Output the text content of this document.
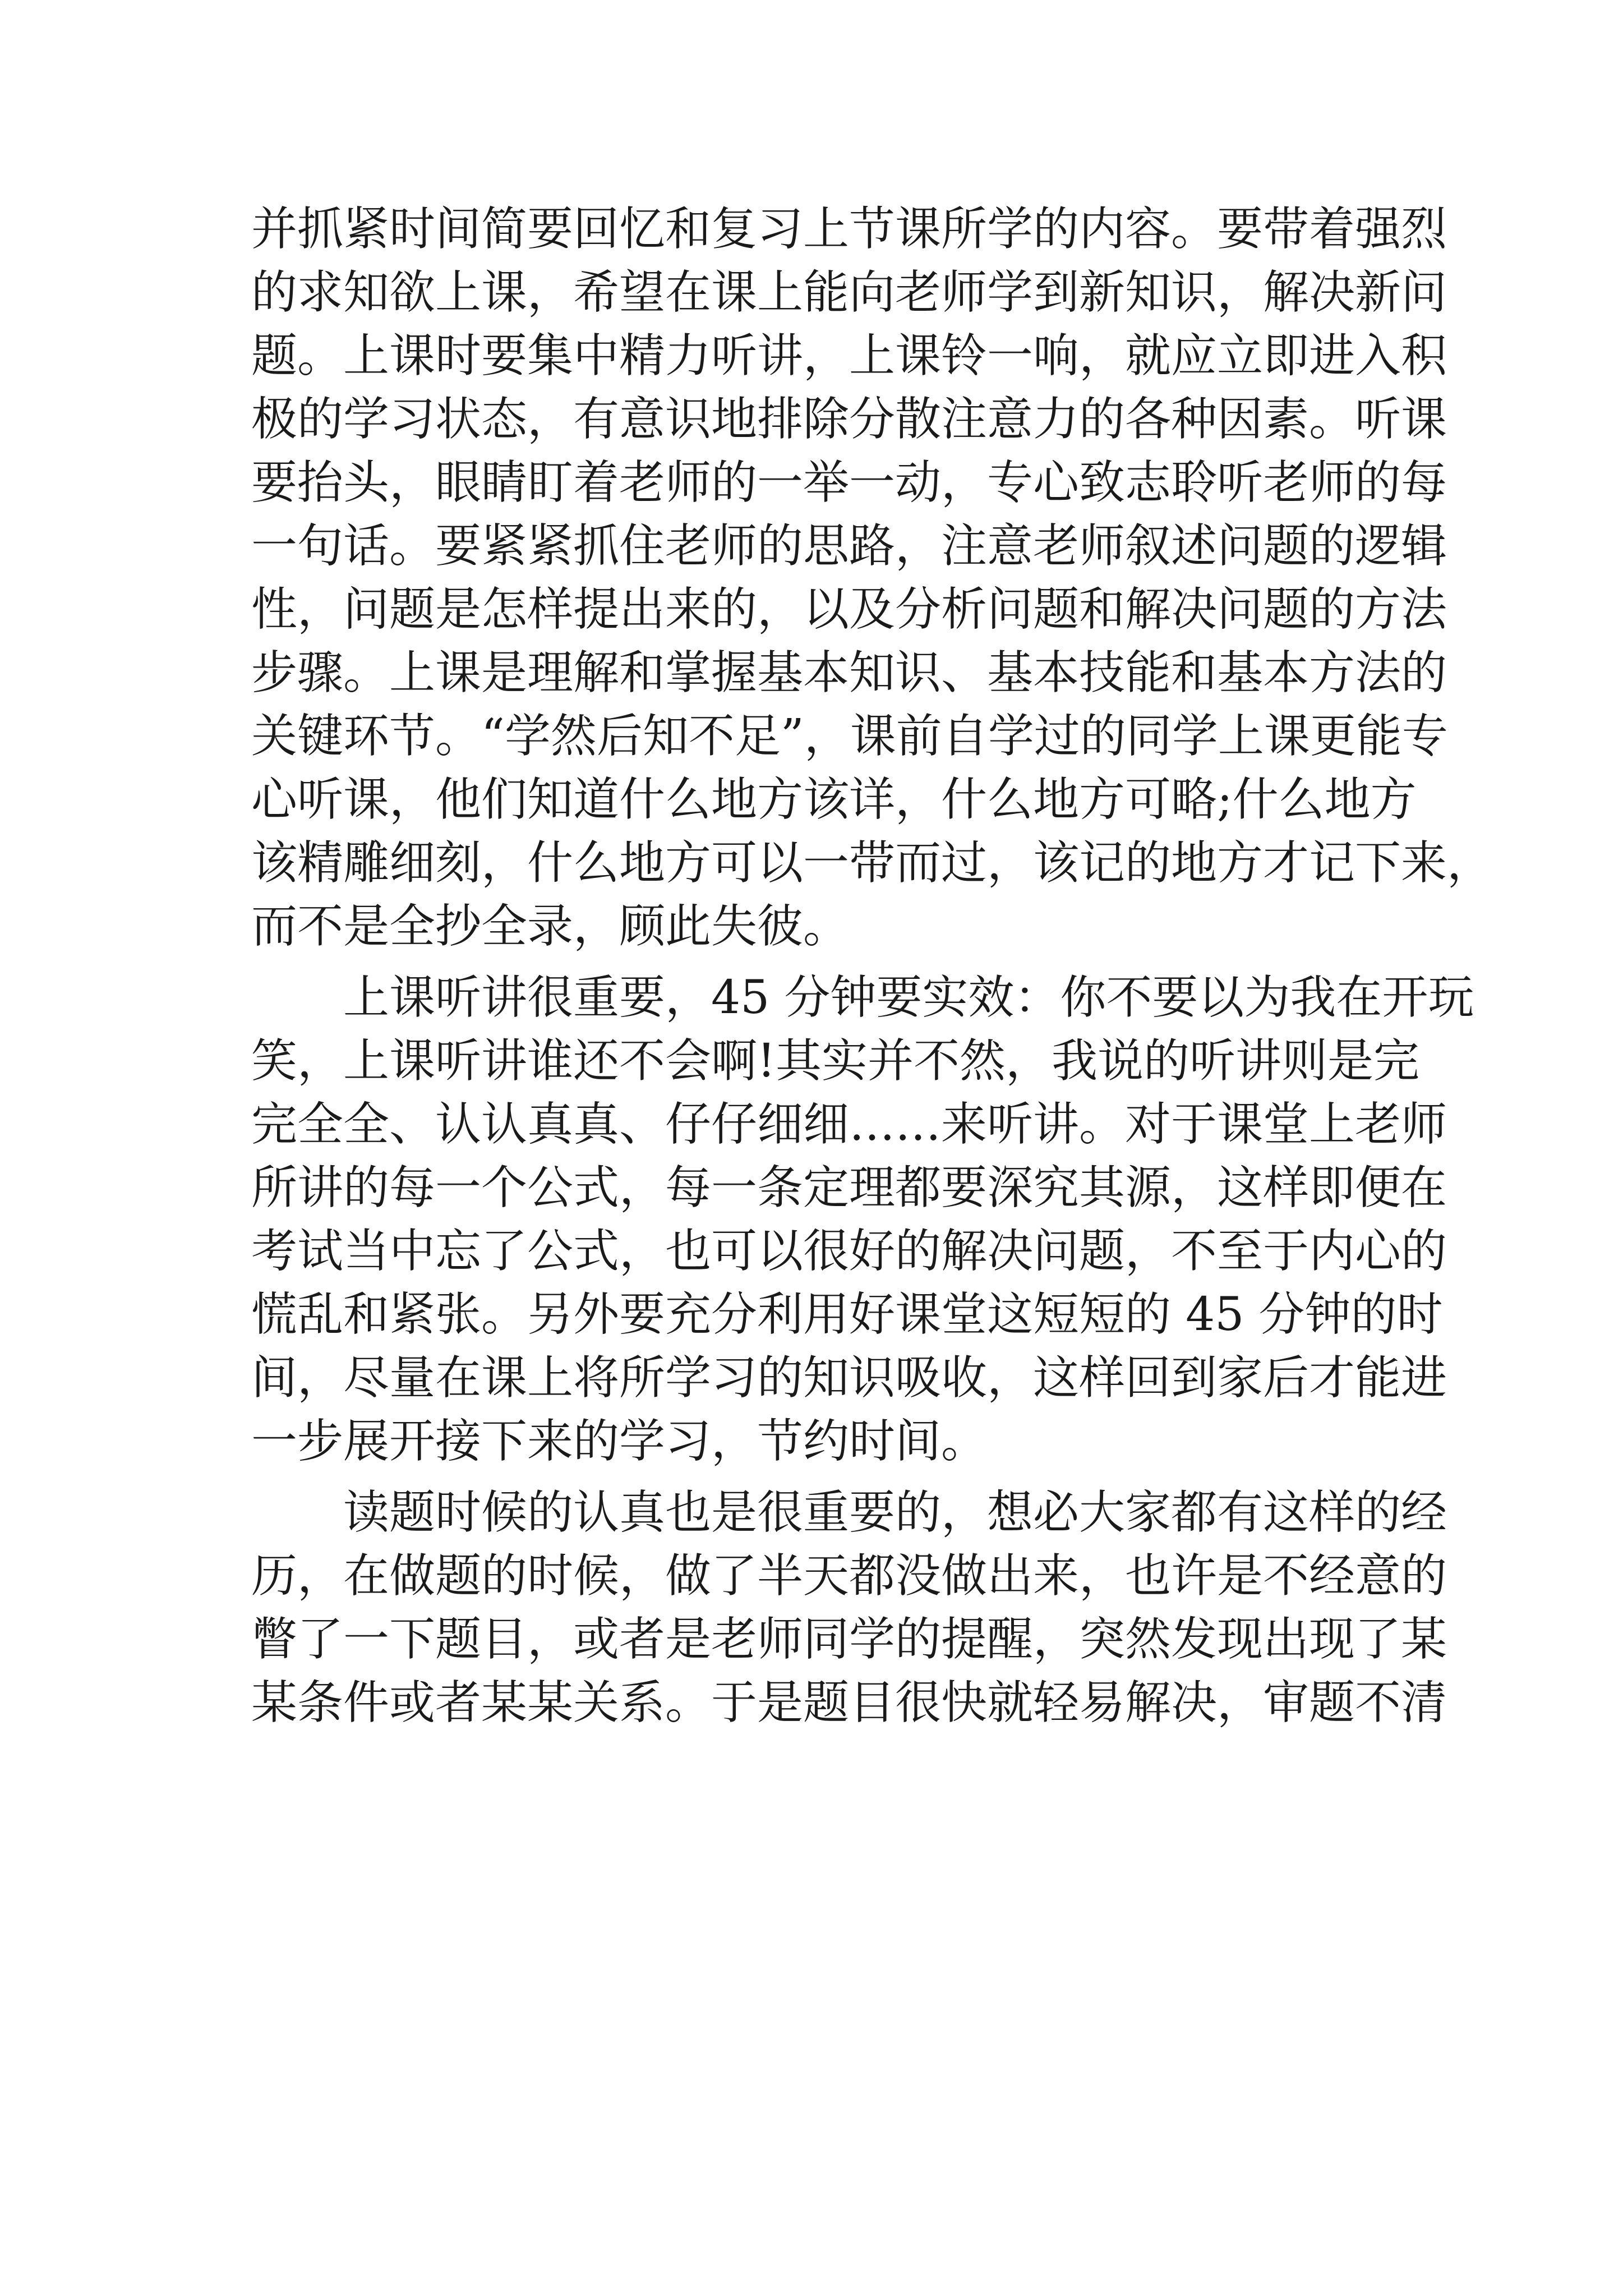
并抓紧时间简要回忆和复习上节课所学的内容。要带着强烈
的求知欲上课，希望在课上能向老师学到新知识，解决新问
题。上课时要集中精力听讲，上课铃一响，就应立即进入积
极的学习状态，有意识地排除分散注意力的各种因素。听课
要抬头，眼睛盯着老师的一举一动，专心致志聆听老师的每
一句话。要紧紧抓住老师的思路，注意老师叙述问题的逻辑
性，问题是怎样提出来的，以及分析问题和解决问题的方法
步骤。上课是理解和掌握基本知识、基本技能和基本方法的
关键环节。“学然后知不足”，课前自学过的同学上课更能专
心听课，他们知道什么地方该详，什么地方可略;什么地方
该精雕细刻，什么地方可以一带而过，该记的地方才记下来，
而不是全抄全录，顾此失彼。
上课听讲很重要，45 分钟要实效：你不要以为我在开玩
笑，上课听讲谁还不会啊!其实并不然，我说的听讲则是完
完全全、认认真真、仔仔细细……来听讲。对于课堂上老师
所讲的每一个公式，每一条定理都要深究其源，这样即便在
考试当中忘了公式，也可以很好的解决问题，不至于内心的
慌乱和紧张。另外要充分利用好课堂这短短的 45 分钟的时
间，尽量在课上将所学习的知识吸收，这样回到家后才能进
一步展开接下来的学习，节约时间。
读题时候的认真也是很重要的，想必大家都有这样的经
历，在做题的时候，做了半天都没做出来，也许是不经意的
瞥了一下题目，或者是老师同学的提醒，突然发现出现了某
某条件或者某某关系。于是题目很快就轻易解决，审题不清
